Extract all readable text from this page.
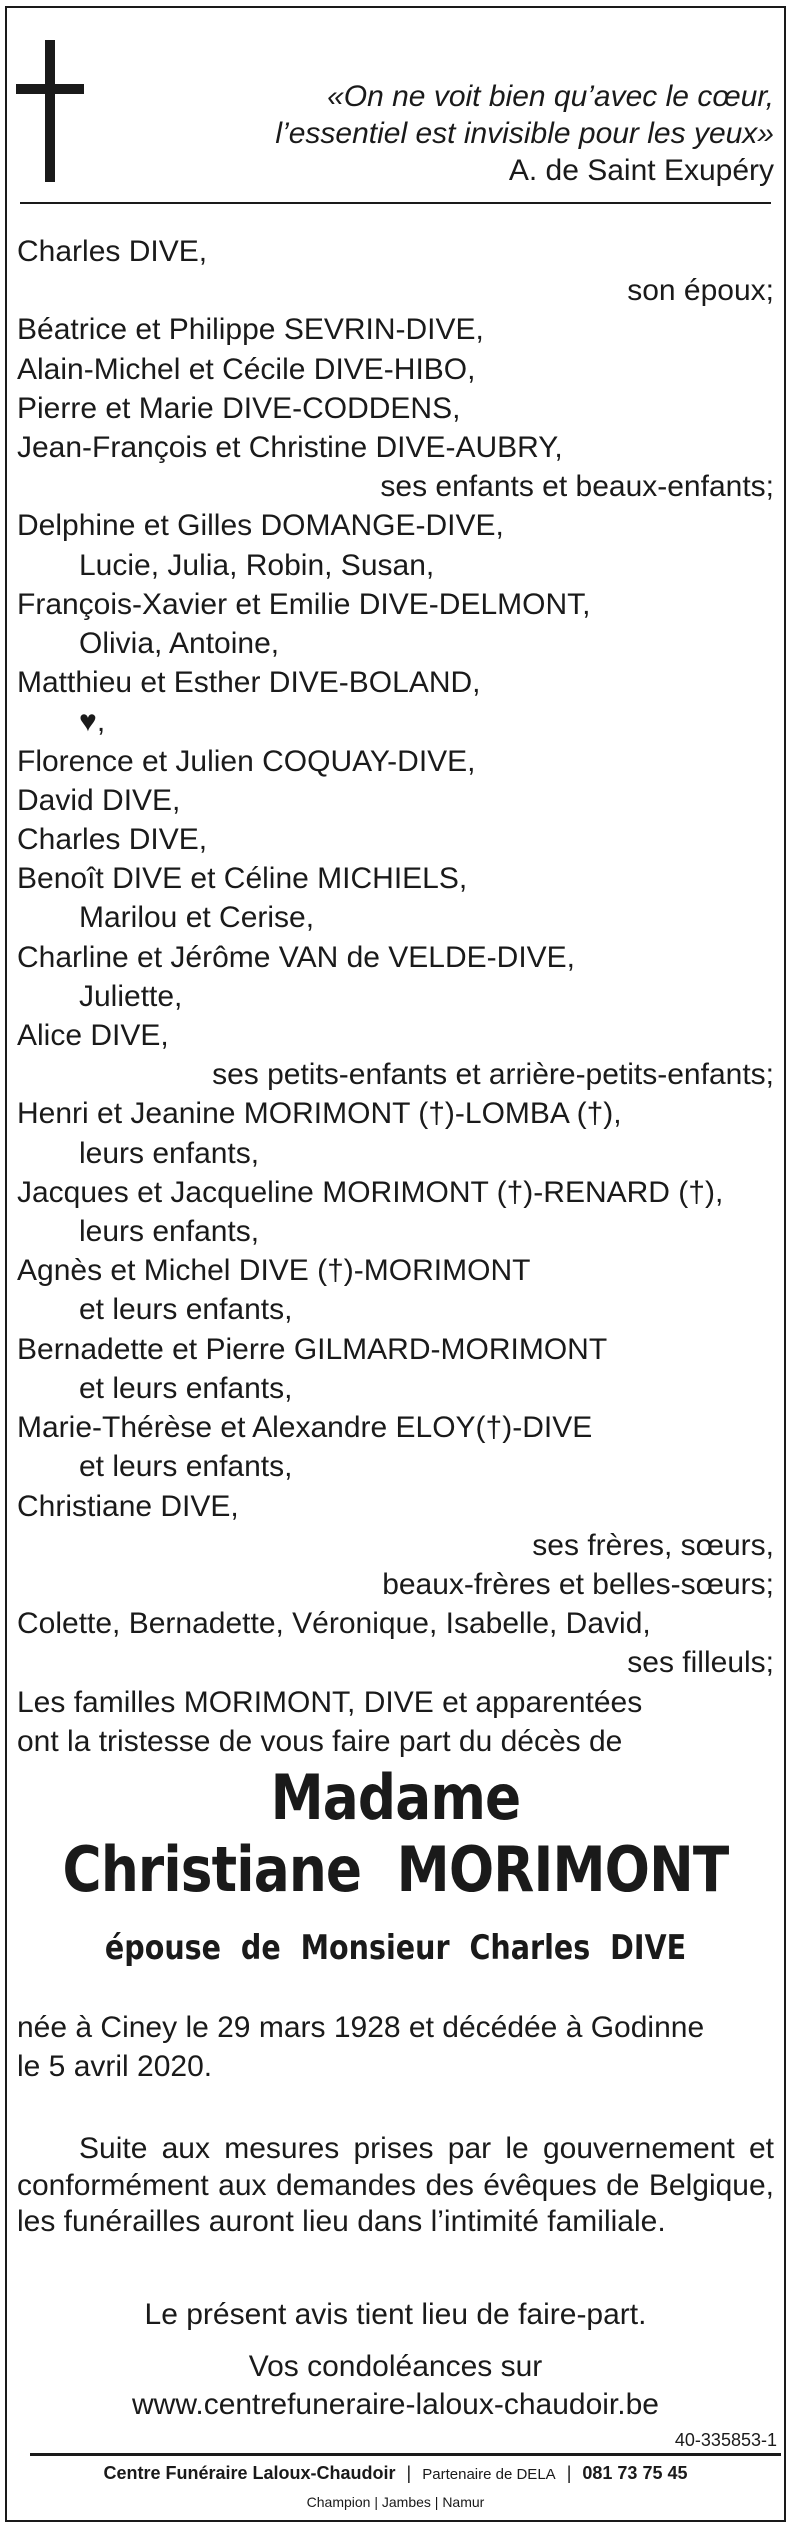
«On ne voit bien qu’avec le cœur,
l’essentiel est invisible pour les yeux»
A. de Saint Exupéry
Charles DIVE,
son époux;
Béatrice et Philippe SEVRIN-DIVE,
Alain-Michel et Cécile DIVE-HIBO,
Pierre et Marie DIVE-CODDENS,
Jean-François et Christine DIVE-AUBRY,
ses enfants et beaux-enfants;
Delphine et Gilles DOMANGE-DIVE,
Lucie, Julia, Robin, Susan,
François-Xavier et Emilie DIVE-DELMONT,
Olivia, Antoine,
Matthieu et Esther DIVE-BOLAND,
♥,
Florence et Julien COQUAY-DIVE,
David DIVE,
Charles DIVE,
Benoît DIVE et Céline MICHIELS,
Marilou et Cerise,
Charline et Jérôme VAN de VELDE-DIVE,
Juliette,
Alice DIVE,
ses petits-enfants et arrière-petits-enfants;
Henri et Jeanine MORIMONT (†)-LOMBA (†),
leurs enfants,
Jacques et Jacqueline MORIMONT (†)-RENARD (†),
leurs enfants,
Agnès et Michel DIVE (†)-MORIMONT
et leurs enfants,
Bernadette et Pierre GILMARD-MORIMONT
et leurs enfants,
Marie-Thérèse et Alexandre ELOY(†)-DIVE
et leurs enfants,
Christiane DIVE,
ses frères, sœurs,
beaux-frères et belles-sœurs;
Colette, Bernadette, Véronique, Isabelle, David,
ses filleuls;
Les familles MORIMONT, DIVE et apparentées
ont la tristesse de vous faire part du décès de
Madame
Christiane  MORIMONT
épouse  de  Monsieur  Charles  DIVE
née à Ciney le 29 mars 1928 et décédée à Godinne
le 5 avril 2020.
Suite aux mesures prises par le gouvernement et conformément aux demandes des évêques de Belgique, les funérailles auront lieu dans l’intimité familiale.
Le présent avis tient lieu de faire-part.
Vos condoléances sur
www.centrefuneraire-laloux-chaudoir.be
40-335853-1
Centre Funéraire Laloux-Chaudoir | Partenaire de DELA | 081 73 75 45
Champion | Jambes | Namur
